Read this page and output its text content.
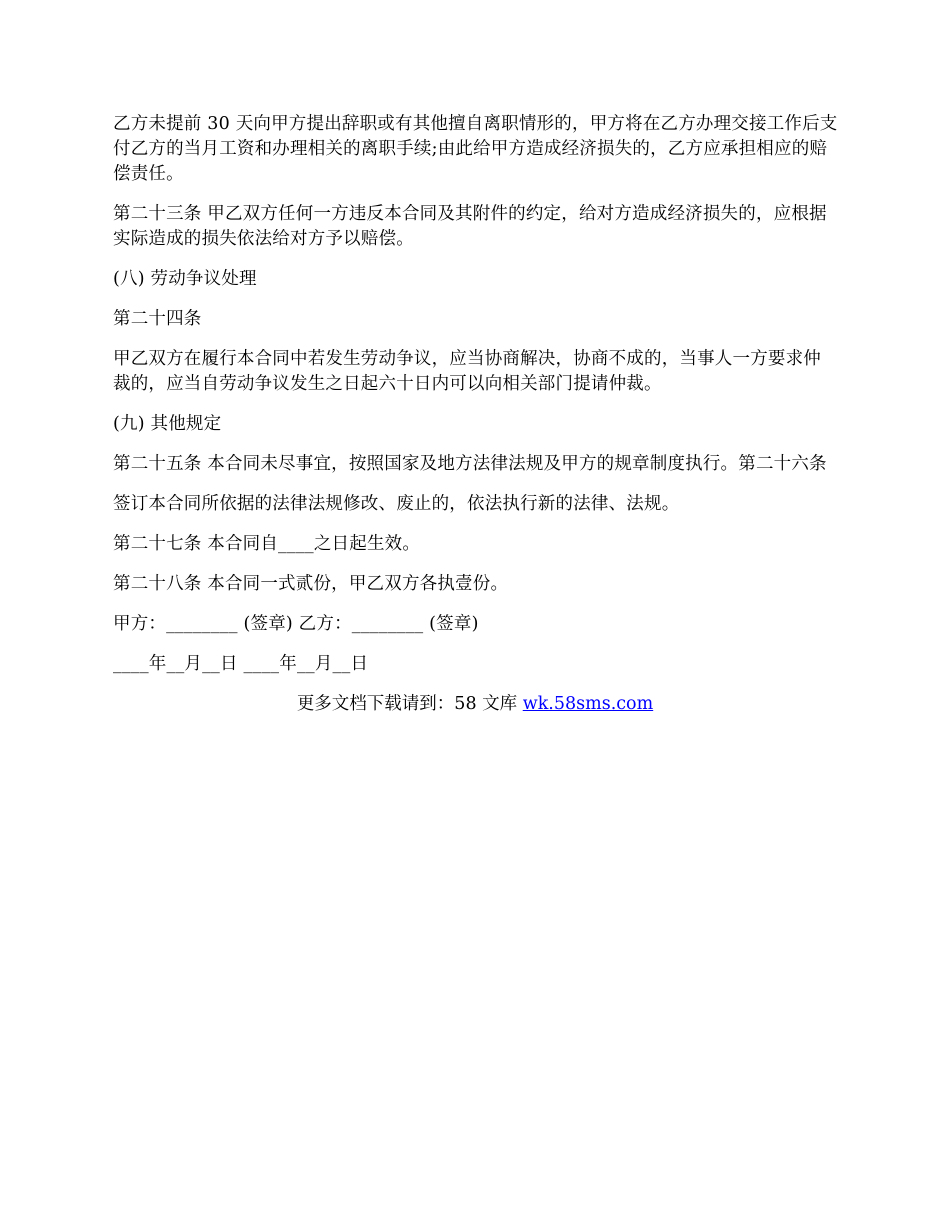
乙方未提前 30 天向甲方提出辞职或有其他擅自离职情形的，甲方将在乙方办理交接工作后支付乙方的当月工资和办理相关的离职手续;由此给甲方造成经济损失的，乙方应承担相应的赔偿责任。

第二十三条 甲乙双方任何一方违反本合同及其附件的约定，给对方造成经济损失的，应根据实际造成的损失依法给对方予以赔偿。

(八) 劳动争议处理

第二十四条

甲乙双方在履行本合同中若发生劳动争议，应当协商解决，协商不成的，当事人一方要求仲裁的，应当自劳动争议发生之日起六十日内可以向相关部门提请仲裁。

(九) 其他规定

第二十五条 本合同未尽事宜，按照国家及地方法律法规及甲方的规章制度执行。第二十六条

签订本合同所依据的法律法规修改、废止的，依法执行新的法律、法规。

第二十七条 本合同自____之日起生效。

第二十八条 本合同一式贰份，甲乙双方各执壹份。

甲方：________ (签章) 乙方：________ (签章)

____年__月__日 ____年__月__日

更多文档下载请到：58 文库 wk.58sms.com
